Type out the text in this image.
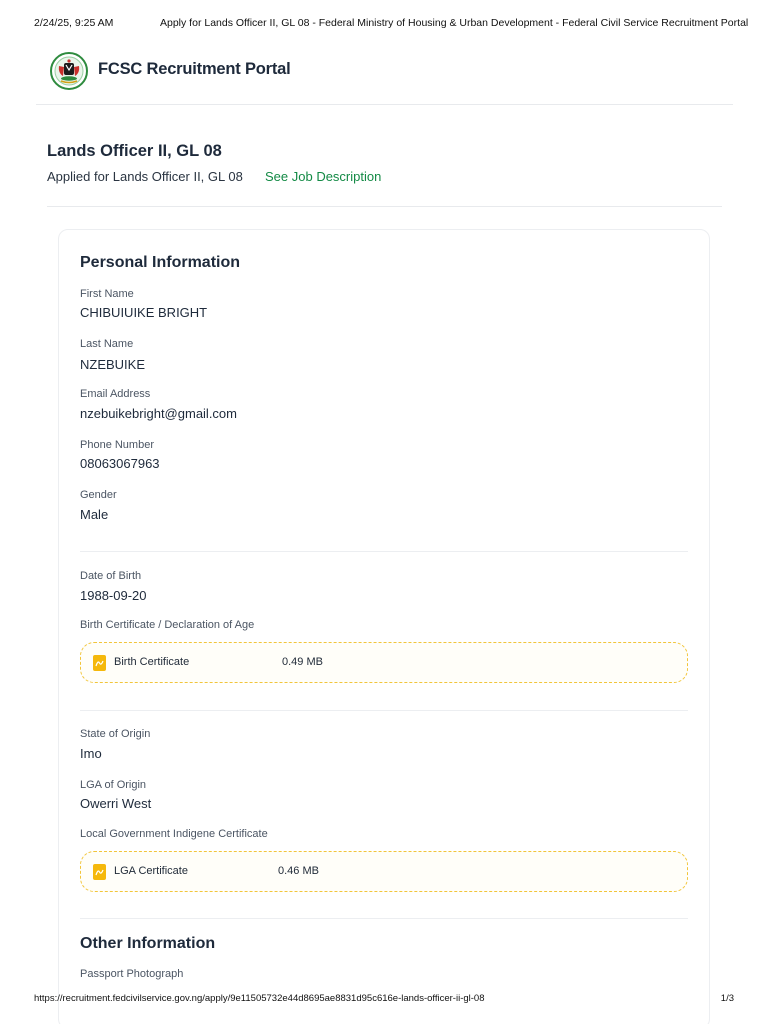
2/24/25, 9:25 AM	Apply for Lands Officer II, GL 08 - Federal Ministry of Housing & Urban Development - Federal Civil Service Recruitment Portal
FCSC Recruitment Portal
Lands Officer II, GL 08
Applied for Lands Officer II, GL 08 See Job Description
Personal Information
First Name
CHIBUIUIKE BRIGHT
Last Name
NZEBUIKE
Email Address
nzebuikebright@gmail.com
Phone Number
08063067963
Gender
Male
Date of Birth
1988-09-20
Birth Certificate / Declaration of Age
Birth Certificate	0.49 MB
State of Origin
Imo
LGA of Origin
Owerri West
Local Government Indigene Certificate
LGA Certificate	0.46 MB
Other Information
Passport Photograph
https://recruitment.fedcivilservice.gov.ng/apply/9e11505732e44d8695ae8831d95c616e-lands-officer-ii-gl-08	1/3
